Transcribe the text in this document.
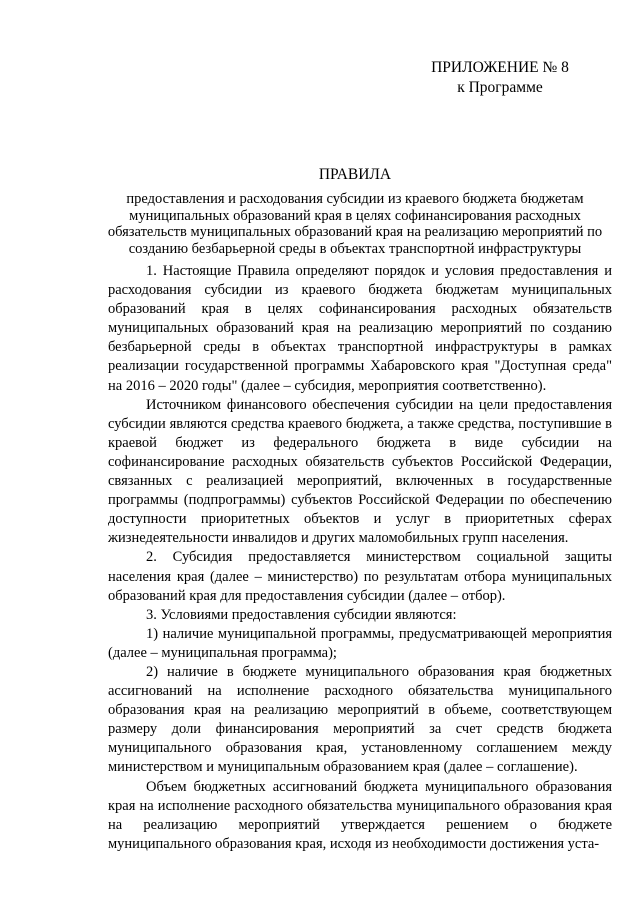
ПРИЛОЖЕНИЕ № 8
к Программе
ПРАВИЛА
предоставления и расходования субсидии из краевого бюджета бюджетам муниципальных образований края в целях софинансирования расходных обязательств муниципальных образований края на реализацию мероприятий по созданию безбарьерной среды в объектах транспортной инфраструктуры

1. Настоящие Правила определяют порядок и условия предоставления и расходования субсидии из краевого бюджета бюджетам муниципальных образований края в целях софинансирования расходных обязательств муниципальных образований края на реализацию мероприятий по созданию безбарьерной среды в объектах транспортной инфраструктуры в рамках реализации государственной программы Хабаровского края "Доступная среда" на 2016 – 2020 годы" (далее – субсидия, мероприятия соответственно).

Источником финансового обеспечения субсидии на цели предоставления субсидии являются средства краевого бюджета, а также средства, поступившие в краевой бюджет из федерального бюджета в виде субсидии на софинансирование расходных обязательств субъектов Российской Федерации, связанных с реализацией мероприятий, включенных в государственные программы (подпрограммы) субъектов Российской Федерации по обеспечению доступности приоритетных объектов и услуг в приоритетных сферах жизнедеятельности инвалидов и других маломобильных групп населения.

2. Субсидия предоставляется министерством социальной защиты населения края (далее – министерство) по результатам отбора муниципальных образований края для предоставления субсидии (далее – отбор).

3. Условиями предоставления субсидии являются:

1) наличие муниципальной программы, предусматривающей мероприятия (далее – муниципальная программа);

2) наличие в бюджете муниципального образования края бюджетных ассигнований на исполнение расходного обязательства муниципального образования края на реализацию мероприятий в объеме, соответствующем размеру доли финансирования мероприятий за счет средств бюджета муниципального образования края, установленному соглашением между министерством и муниципальным образованием края (далее – соглашение).

Объем бюджетных ассигнований бюджета муниципального образования края на исполнение расходного обязательства муниципального образования края на реализацию мероприятий утверждается решением о бюджете муниципального образования края, исходя из необходимости достижения уста-
